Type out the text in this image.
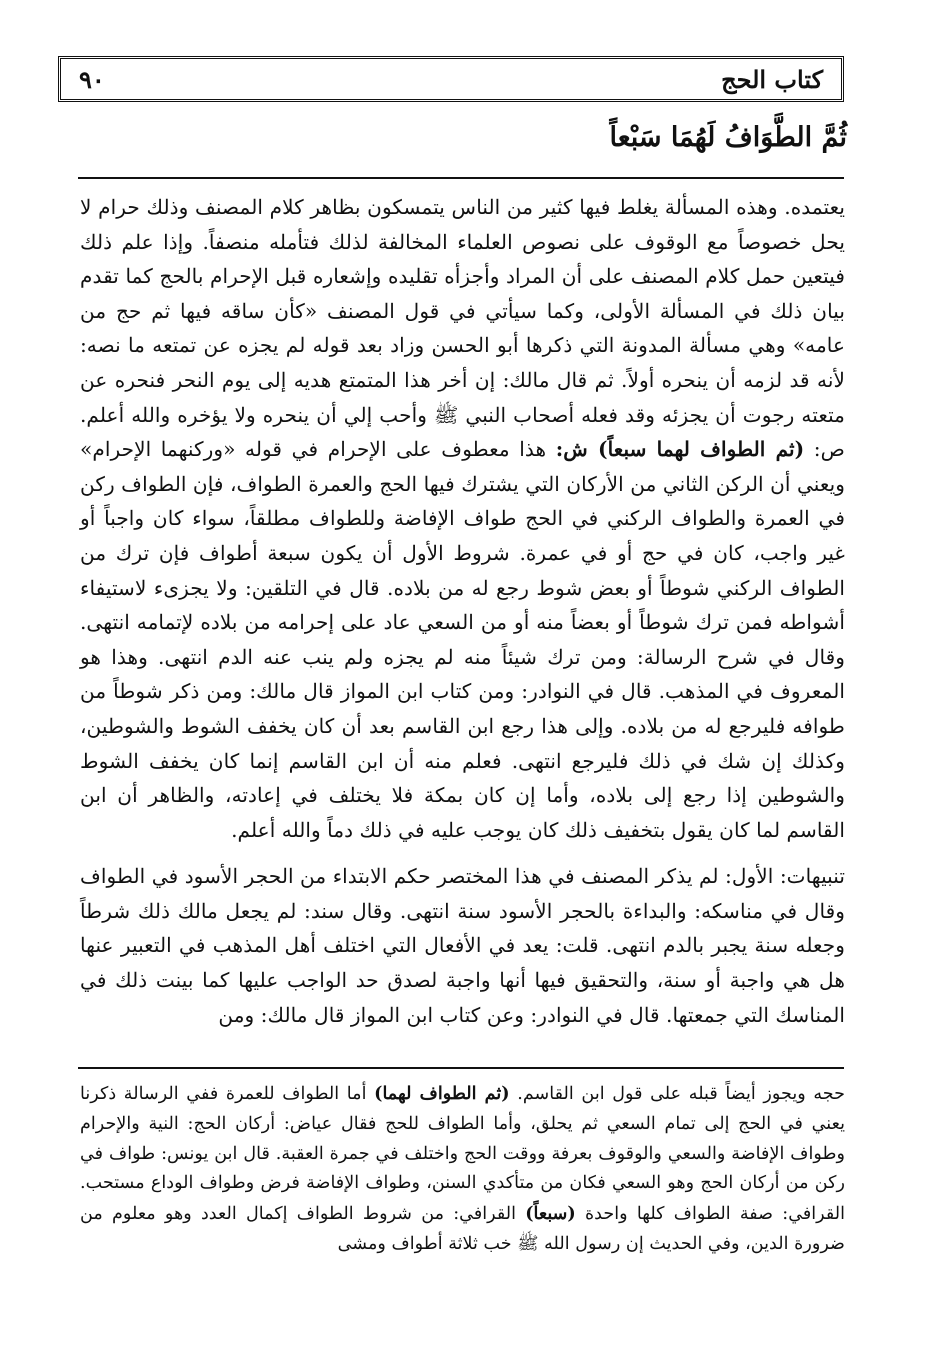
كتاب الحج
٩٠
ثُمَّ الطَّوَافُ لَهُمَا سَبْعاً

يعتمده. وهذه المسألة يغلط فيها كثير من الناس يتمسكون بظاهر كلام المصنف وذلك حرام لا يحل خصوصاً مع الوقوف على نصوص العلماء المخالفة لذلك فتأمله منصفاً. وإذا علم ذلك فيتعين حمل كلام المصنف على أن المراد وأجزأه تقليده وإشعاره قبل الإحرام بالحج كما تقدم بيان ذلك في المسألة الأولى، وكما سيأتي في قول المصنف «كأن ساقه فيها ثم حج من عامه» وهي مسألة المدونة التي ذكرها أبو الحسن وزاد بعد قوله لم يجزه عن تمتعه ما نصه: لأنه قد لزمه أن ينحره أولاً. ثم قال مالك: إن أخر هذا المتمتع هديه إلى يوم النحر فنحره عن متعته رجوت أن يجزئه وقد فعله أصحاب النبي ﷺ وأحب إلي أن ينحره ولا يؤخره والله أعلم. ص: (ثم الطواف لهما سبعاً) ش: هذا معطوف على الإحرام في قوله «وركنهما الإحرام» ويعني أن الركن الثاني من الأركان التي يشترك فيها الحج والعمرة الطواف، فإن الطواف ركن في العمرة والطواف الركني في الحج طواف الإفاضة وللطواف مطلقاً، سواء كان واجباً أو غير واجب، كان في حج أو في عمرة. شروط الأول أن يكون سبعة أطواف فإن ترك من الطواف الركني شوطاً أو بعض شوط رجع له من بلاده. قال في التلقين: ولا يجزىء لاستيفاء أشواطه فمن ترك شوطاً أو بعضاً منه أو من السعي عاد على إحرامه من بلاده لإتمامه انتهى. وقال في شرح الرسالة: ومن ترك شيئاً منه لم يجزه ولم ينب عنه الدم انتهى. وهذا هو المعروف في المذهب. قال في النوادر: ومن كتاب ابن المواز قال مالك: ومن ذكر شوطاً من طوافه فليرجع له من بلاده. وإلى هذا رجع ابن القاسم بعد أن كان يخفف الشوط والشوطين، وكذلك إن شك في ذلك فليرجع انتهى. فعلم منه أن ابن القاسم إنما كان يخفف الشوط والشوطين إذا رجع إلى بلاده، وأما إن كان بمكة فلا يختلف في إعادته، والظاهر أن ابن القاسم لما كان يقول بتخفيف ذلك كان يوجب عليه في ذلك دماً والله أعلم.

تنبيهات: الأول: لم يذكر المصنف في هذا المختصر حكم الابتداء من الحجر الأسود في الطواف وقال في مناسكه: والبداءة بالحجر الأسود سنة انتهى. وقال سند: لم يجعل مالك ذلك شرطاً وجعله سنة يجبر بالدم انتهى. قلت: يعد في الأفعال التي اختلف أهل المذهب في التعبير عنها هل هي واجبة أو سنة، والتحقيق فيها أنها واجبة لصدق حد الواجب عليها كما بينت ذلك في المناسك التي جمعتها. قال في النوادر: وعن كتاب ابن المواز قال مالك: ومن

حجه ويجوز أيضاً قبله على قول ابن القاسم. (ثم الطواف لهما) أما الطواف للعمرة ففي الرسالة ذكرنا يعني في الحج إلى تمام السعي ثم يحلق، وأما الطواف للحج فقال عياض: أركان الحج: النية والإحرام وطواف الإفاضة والسعي والوقوف بعرفة ووقت الحج واختلف في جمرة العقبة. قال ابن يونس: طواف في ركن من أركان الحج وهو السعي فكان من متأكدي السنن، وطواف الإفاضة فرض وطواف الوداع مستحب. القرافي: صفة الطواف كلها واحدة (سبعاً) القرافي: من شروط الطواف إكمال العدد وهو معلوم من ضرورة الدين، وفي الحديث إن رسول الله ﷺ خب ثلاثة أطواف ومشى
